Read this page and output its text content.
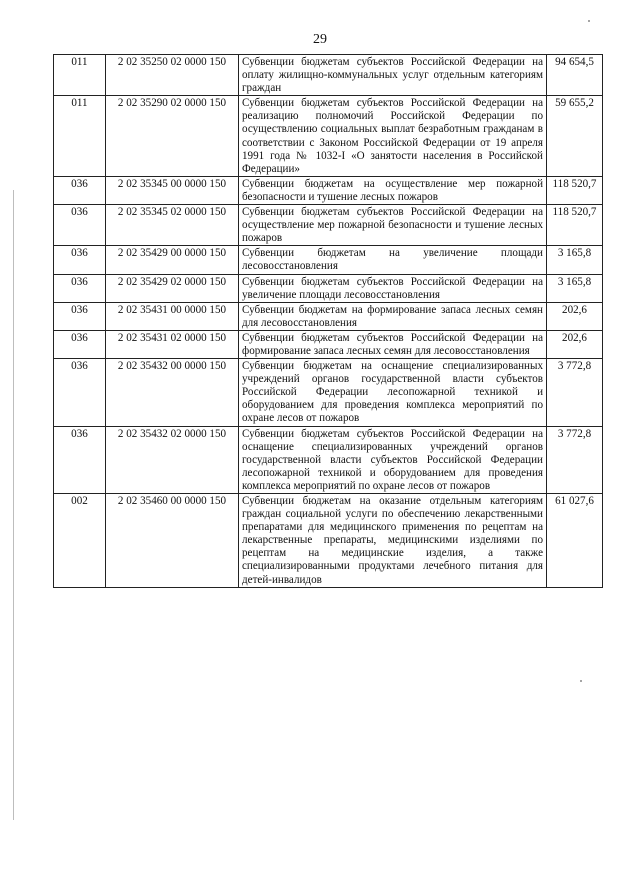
29
011	2 02 35250 02 0000 150	Субвенции бюджетам субъектов Российской Федерации на оплату жилищно-коммунальных услуг отдельным категориям граждан	94 654,5
011	2 02 35290 02 0000 150	Субвенции бюджетам субъектов Российской Федерации на реализацию полномочий Российской Федерации по осуществлению социальных выплат безработным гражданам в соответствии с Законом Российской Федерации от 19 апреля 1991 года № 1032-I «О занятости населения в Российской Федерации»	59 655,2
036	2 02 35345 00 0000 150	Субвенции бюджетам на осуществление мер пожарной безопасности и тушение лесных пожаров	118 520,7
036	2 02 35345 02 0000 150	Субвенции бюджетам субъектов Российской Федерации на осуществление мер пожарной безопасности и тушение лесных пожаров	118 520,7
036	2 02 35429 00 0000 150	Субвенции бюджетам на увеличение площади лесовосстановления	3 165,8
036	2 02 35429 02 0000 150	Субвенции бюджетам субъектов Российской Федерации на увеличение площади лесовосстановления	3 165,8
036	2 02 35431 00 0000 150	Субвенции бюджетам на формирование запаса лесных семян для лесовосстановления	202,6
036	2 02 35431 02 0000 150	Субвенции бюджетам субъектов Российской Федерации на формирование запаса лесных семян для лесовосстановления	202,6
036	2 02 35432 00 0000 150	Субвенции бюджетам на оснащение специализированных учреждений органов государственной власти субъектов Российской Федерации лесопожарной техникой и оборудованием для проведения комплекса мероприятий по охране лесов от пожаров	3 772,8
036	2 02 35432 02 0000 150	Субвенции бюджетам субъектов Российской Федерации на оснащение специализированных учреждений органов государственной власти субъектов Российской Федерации лесопожарной техникой и оборудованием для проведения комплекса мероприятий по охране лесов от пожаров	3 772,8
002	2 02 35460 00 0000 150	Субвенции бюджетам на оказание отдельным категориям граждан социальной услуги по обеспечению лекарственными препаратами для медицинского применения по рецептам на лекарственные препараты, медицинскими изделиями по рецептам на медицинские изделия, а также специализированными продуктами лечебного питания для детей-инвалидов	61 027,6
